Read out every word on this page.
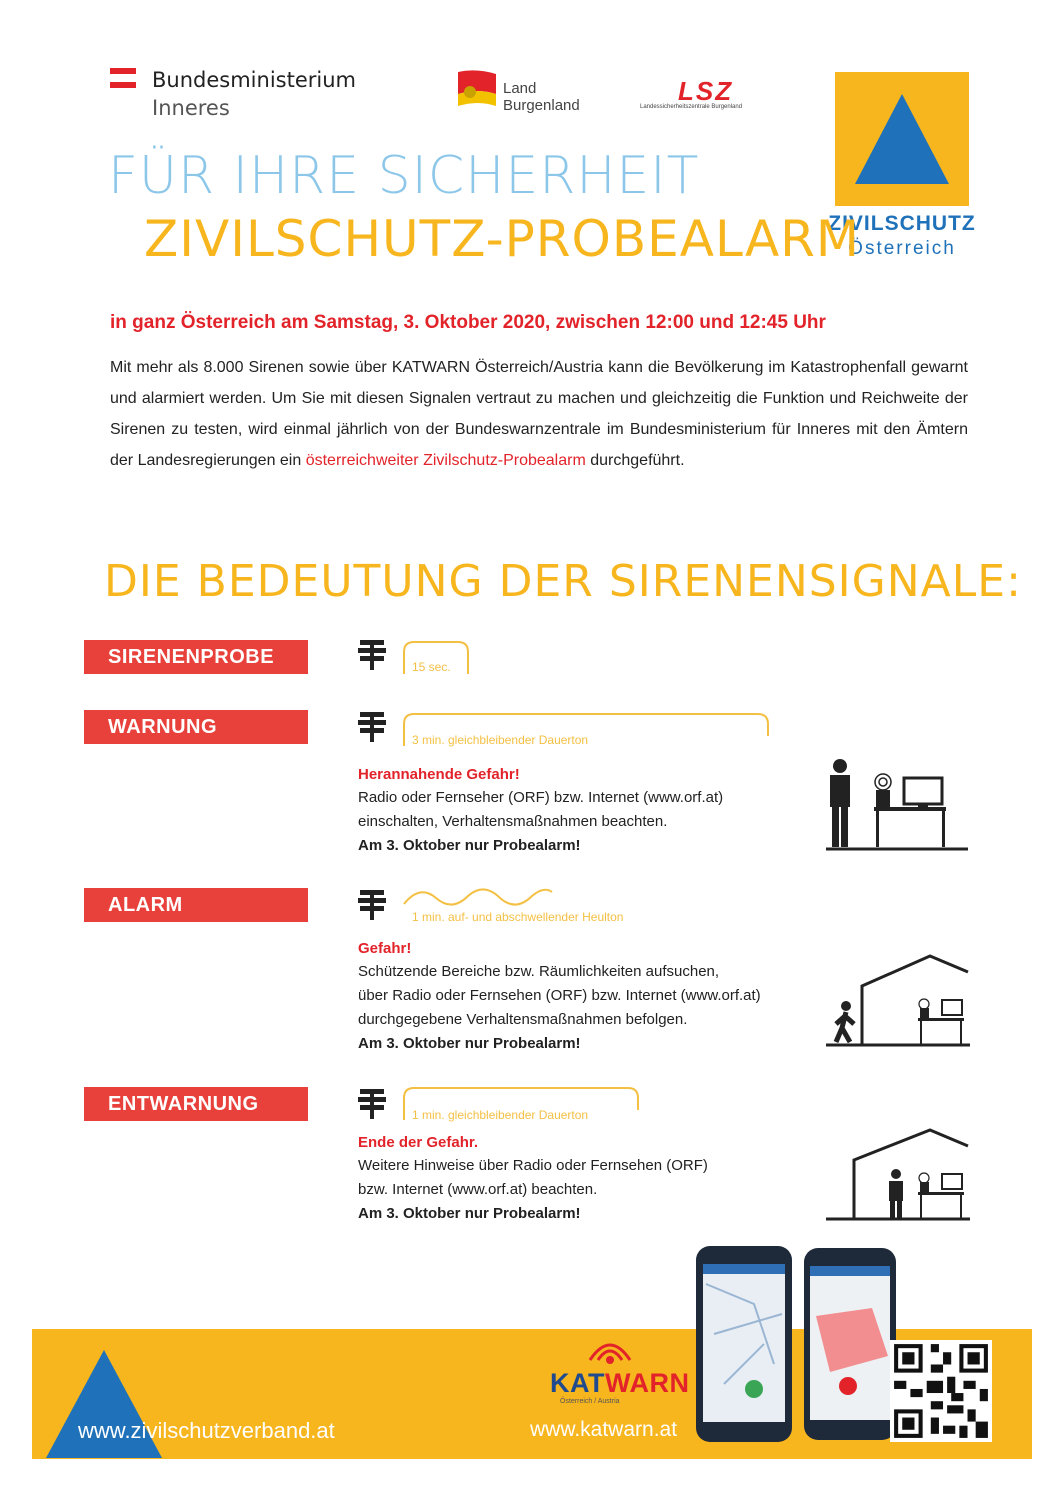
Bundesministerium
Inneres
Land
Burgenland	LSZ
Landessicherheitszentrale Burgenland
ZIVILSCHUTZ
Österreich
FÜR IHRE SICHERHEIT
ZIVILSCHUTZ-PROBEALARM
in ganz Österreich am Samstag, 3. Oktober 2020, zwischen 12:00 und 12:45 Uhr
Mit mehr als 8.000 Sirenen sowie über KATWARN Österreich/Austria kann die Bevölkerung im Katastrophenfall gewarnt und alarmiert werden. Um Sie mit diesen Signalen vertraut zu machen und gleichzeitig die Funktion und Reichweite der Sirenen zu testen, wird einmal jährlich von der Bundeswarnzentrale im Bundesministerium für Inneres mit den Ämtern der Landesregierungen ein österreichweiter Zivilschutz-Probealarm durchgeführt.
DIE BEDEUTUNG DER SIRENENSIGNALE:
SIRENENPROBE	15 sec.
WARNUNG
3 min. gleichbleibender Dauerton
Herannahende Gefahr!
Radio oder Fernseher (ORF) bzw. Internet (www.orf.at)
einschalten, Verhaltensmaßnahmen beachten.
Am 3. Oktober nur Probealarm!
ALARM
1 min. auf- und abschwellender Heulton
Gefahr!
Schützende Bereiche bzw. Räumlichkeiten aufsuchen,
über Radio oder Fernsehen (ORF) bzw. Internet (www.orf.at)
durchgegebene Verhaltensmaßnahmen befolgen.
Am 3. Oktober nur Probealarm!
ENTWARNUNG	1 min. gleichbleibender Dauerton
Ende der Gefahr.
Weitere Hinweise über Radio oder Fernsehen (ORF)
bzw. Internet (www.orf.at) beachten.
Am 3. Oktober nur Probealarm!
www.zivilschutzverband.at
KATWARN
Österreich / Austria
www.katwarn.at
